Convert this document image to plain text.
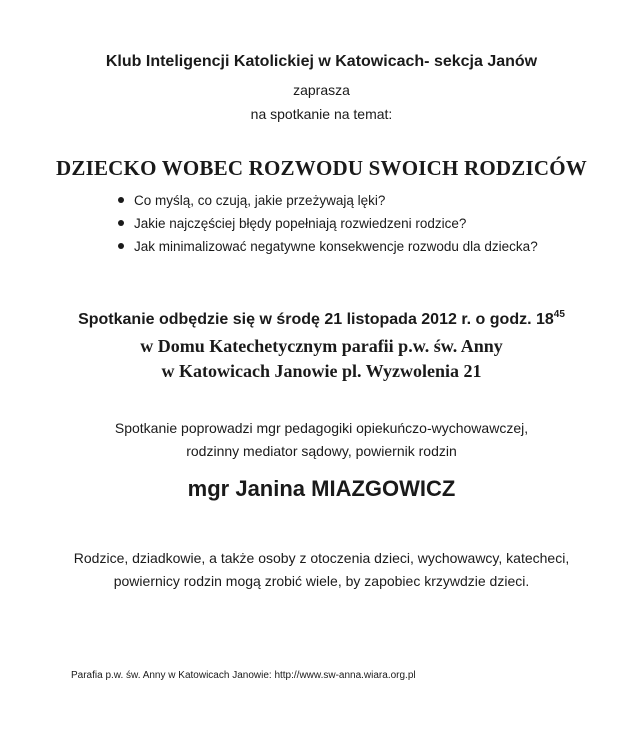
Klub Inteligencji Katolickiej w Katowicach- sekcja Janów
zaprasza
na spotkanie na temat:
DZIECKO WOBEC ROZWODU SWOICH RODZICÓW
Co myślą, co czują, jakie przeżywają lęki?
Jakie najczęściej błędy popełniają rozwiedzeni rodzice?
Jak minimalizować negatywne konsekwencje rozwodu dla dziecka?
Spotkanie odbędzie się w środę 21 listopada 2012 r. o godz. $18^{45}$
w Domu Katechetycznym parafii p.w. św. Anny
w Katowicach Janowie pl. Wyzwolenia 21
Spotkanie poprowadzi mgr pedagogiki opiekuńczo-wychowawczej,
rodzinny mediator sądowy, powiernik rodzin
mgr Janina MIAZGOWICZ
Rodzice, dziadkowie, a także osoby z otoczenia dzieci, wychowawcy, katecheci,
powiernicy rodzin mogą zrobić wiele, by zapobiec krzywdzie dzieci.
Parafia p.w. św. Anny w Katowicach Janowie: http://www.sw-anna.wiara.org.pl
